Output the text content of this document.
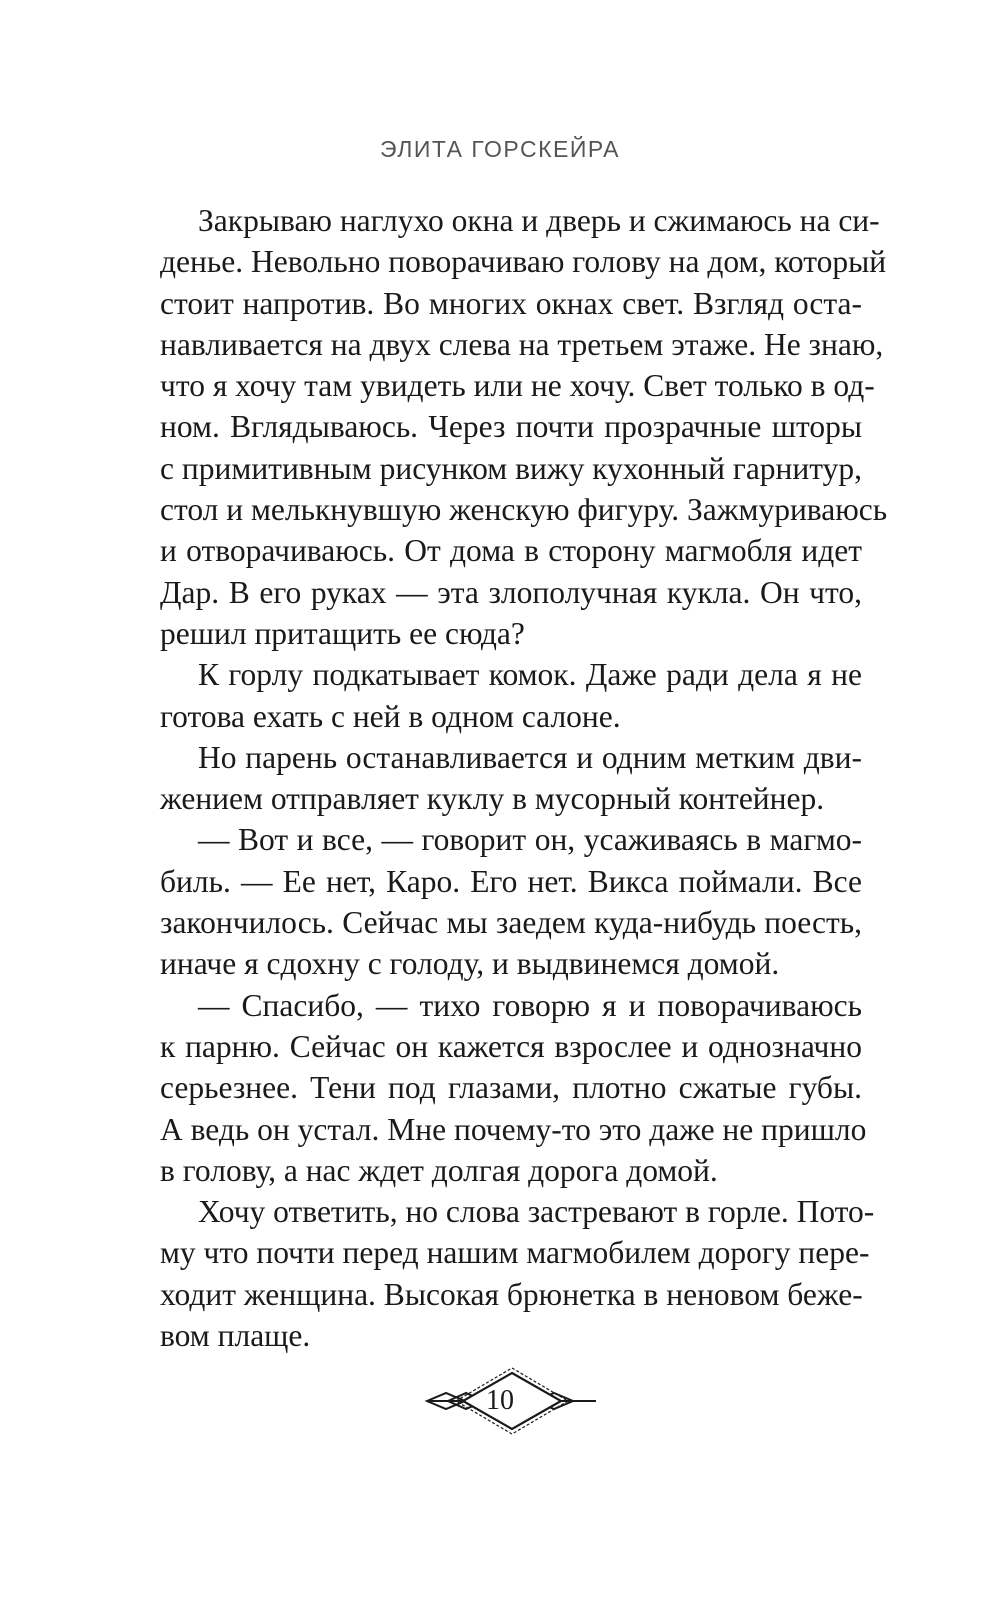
ЭЛИТА ГОРСКЕЙРА
Закрываю наглухо окна и дверь и сжимаюсь на си-
денье. Невольно поворачиваю голову на дом, который
стоит напротив. Во многих окнах свет. Взгляд оста-
навливается на двух слева на третьем этаже. Не знаю,
что я хочу там увидеть или не хочу. Свет только в од-
ном. Вглядываюсь. Через почти прозрачные шторы
с примитивным рисунком вижу кухонный гарнитур,
стол и мелькнувшую женскую фигуру. Зажмуриваюсь
и отворачиваюсь. От дома в сторону магмобля идет
Дар. В его руках — эта злополучная кукла. Он что,
решил притащить ее сюда?
К горлу подкатывает комок. Даже ради дела я не
готова ехать с ней в одном салоне.
Но парень останавливается и одним метким дви-
жением отправляет куклу в мусорный контейнер.
— Вот и все, — говорит он, усаживаясь в магмо-
биль. — Ее нет, Каро. Его нет. Викса поймали. Все
закончилось. Сейчас мы заедем куда-нибудь поесть,
иначе я сдохну с голоду, и выдвинемся домой.
— Спасибо, — тихо говорю я и поворачиваюсь
к парню. Сейчас он кажется взрослее и однозначно
серьезнее. Тени под глазами, плотно сжатые губы.
А ведь он устал. Мне почему-то это даже не пришло
в голову, а нас ждет долгая дорога домой.
Хочу ответить, но слова застревают в горле. Пото-
му что почти перед нашим магмобилем дорогу пере-
ходит женщина. Высокая брюнетка в неновом беже-
вом плаще.
10
